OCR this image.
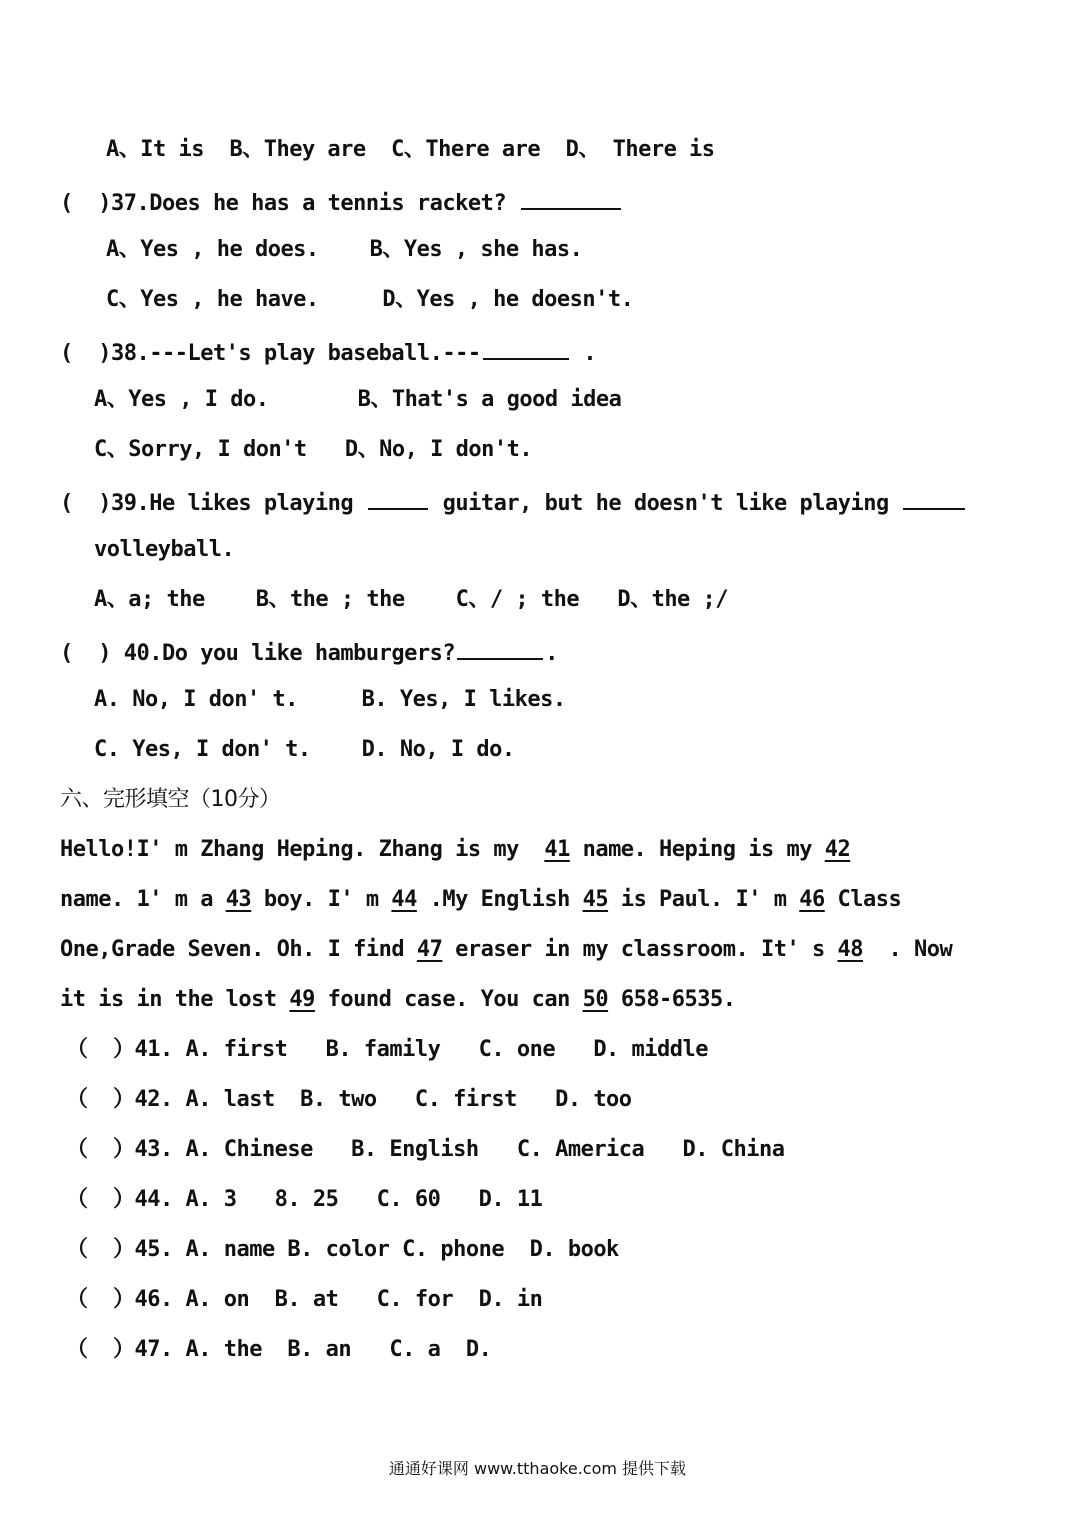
A、It is  B、They are  C、There are  D、 There is
(  )37.Does he has a tennis racket?
A、Yes , he does.    B、Yes , she has.
C、Yes , he have.     D、Yes , he doesn't.
(  )38.---Let's play baseball.---	.
A、Yes , I do.       B、That's a good idea
C、Sorry, I don't   D、No, I don't.
(  )39.He likes playing	guitar, but he doesn't like playing
volleyball.
A、a; the    B、the ; the    C、/ ; the   D、the ;/
(  ) 40.Do you like hamburgers?	.
A. No, I don' t.     B. Yes, I likes.
C. Yes, I don' t.    D. No, I do.
六、完形填空（10分）
Hello!I' m Zhang Heping. Zhang is my  41 name. Heping is my 42
name. 1' m a 43 boy. I' m 44 .My English 45 is Paul. I' m 46 Class
One,Grade Seven. Oh. I find 47 eraser in my classroom. It' s 48  . Now
it is in the lost 49 found case. You can 50 658-6535.
（  ）41. A. first   B. family   C. one   D. middle
（  ）42. A. last  B. two   C. first   D. too
（  ）43. A. Chinese   B. English   C. America   D. China
（  ）44. A. 3   8. 25   C. 60   D. 11
（  ）45. A. name B. color C. phone  D. book
（  ）46. A. on  B. at   C. for  D. in
（  ）47. A. the  B. an   C. a  D.
通通好课网 www.tthaoke.com 提供下载
